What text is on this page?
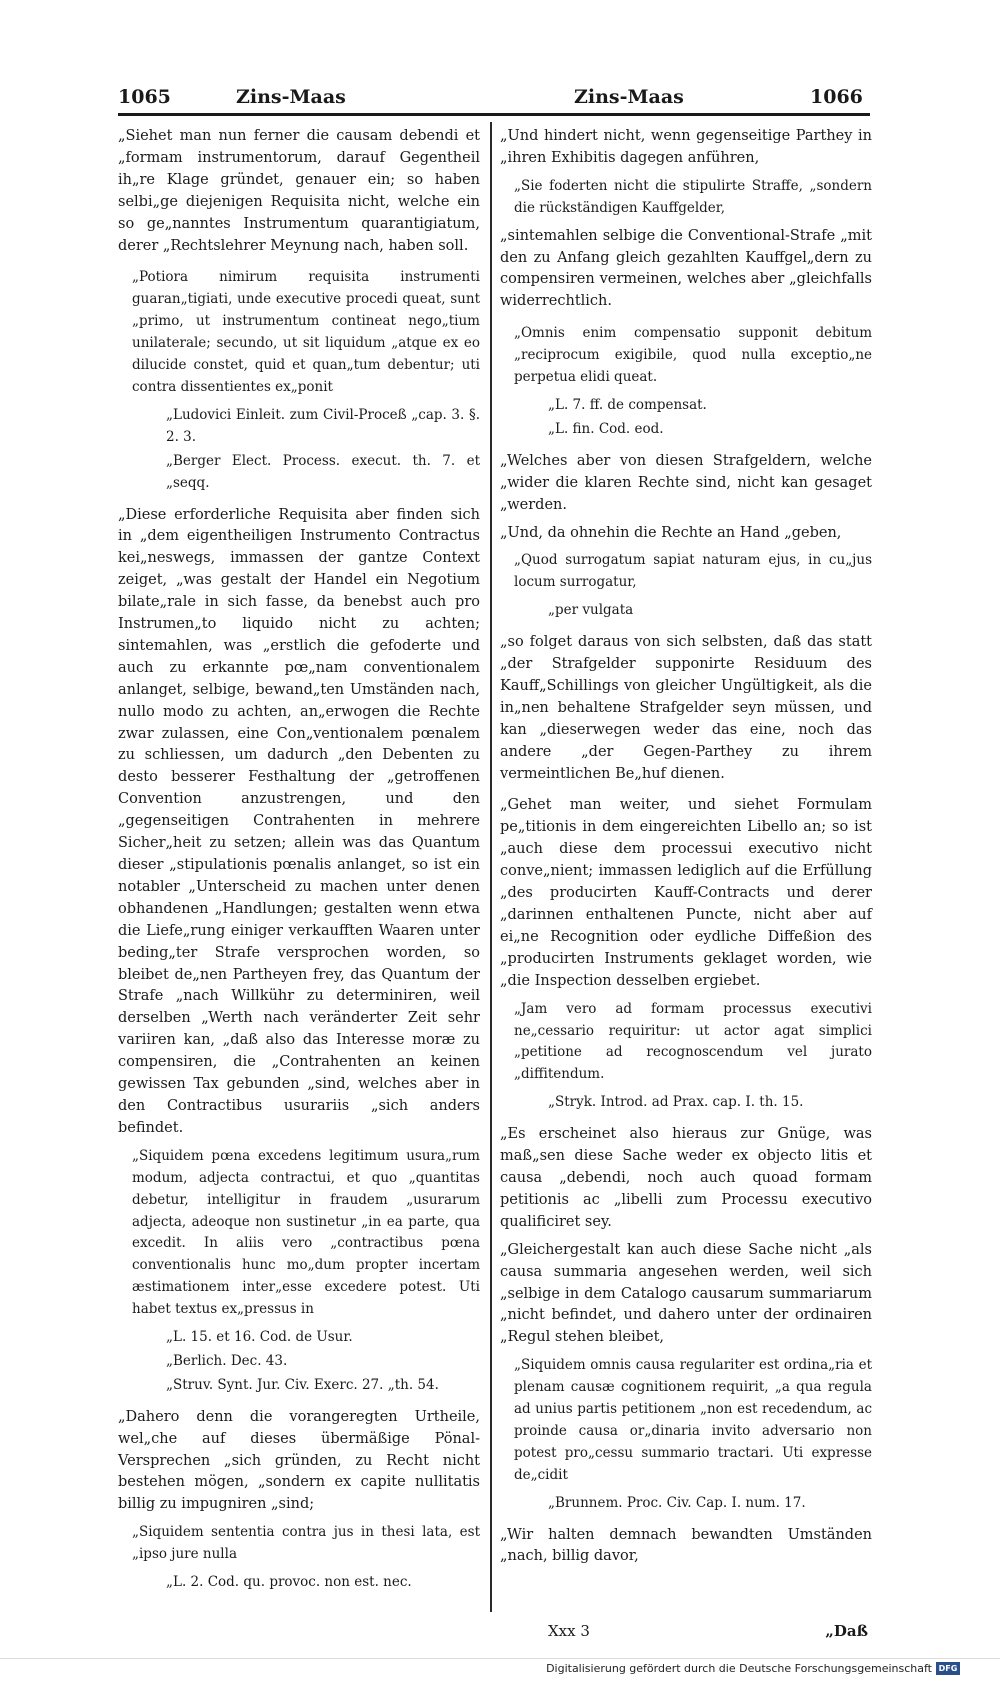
1065	Zins-Maas	Zins-Maas	1066

„Siehet man nun ferner die causam debendi et „formam instrumentorum, darauf Gegentheil ih„re Klage gründet, genauer ein; so haben selbi„ge diejenigen Requisita nicht, welche ein so ge„nanntes Instrumentum quarantigiatum, derer „Rechtslehrer Meynung nach, haben soll.

„Potiora nimirum requisita instrumenti guaran„tigiati, unde executive procedi queat, sunt „primo, ut instrumentum contineat nego„tium unilaterale; secundo, ut sit liquidum „atque ex eo dilucide constet, quid et quan„tum debentur; uti contra dissentientes ex„ponit

„Ludovici Einleit. zum Civil-Proceß „cap. 3. §. 2. 3.

„Berger Elect. Process. execut. th. 7. et „seqq.

„Diese erforderliche Requisita aber finden sich in „dem eigentheiligen Instrumento Contractus kei„neswegs, immassen der gantze Context zeiget, „was gestalt der Handel ein Negotium bilate„rale in sich fasse, da benebst auch pro Instrumen„to liquido nicht zu achten; sintemahlen, was „erstlich die gefoderte und auch zu erkannte pœ„nam conventionalem anlanget, selbige, bewand„ten Umständen nach, nullo modo zu achten, an„erwogen die Rechte zwar zulassen, eine Con„ventionalem pœnalem zu schliessen, um dadurch „den Debenten zu desto besserer Festhaltung der „getroffenen Convention anzustrengen, und den „gegenseitigen Contrahenten in mehrere Sicher„heit zu setzen; allein was das Quantum dieser „stipulationis pœnalis anlanget, so ist ein notabler „Unterscheid zu machen unter denen obhandenen „Handlungen; gestalten wenn etwa die Liefe„rung einiger verkaufften Waaren unter beding„ter Strafe versprochen worden, so bleibet de„nen Partheyen frey, das Quantum der Strafe „nach Willkühr zu determiniren, weil derselben „Werth nach veränderter Zeit sehr variiren kan, „daß also das Interesse moræ zu compensiren, die „Contrahenten an keinen gewissen Tax gebunden „sind, welches aber in den Contractibus usurariis „sich anders befindet.

„Siquidem pœna excedens legitimum usura„rum modum, adjecta contractui, et quo „quantitas debetur, intelligitur in fraudem „usurarum adjecta, adeoque non sustinetur „in ea parte, qua excedit. In aliis vero „contractibus pœna conventionalis hunc mo„dum propter incertam æstimationem inter„esse excedere potest. Uti habet textus ex„pressus in

„L. 15. et 16. Cod. de Usur.

„Berlich. Dec. 43.

„Struv. Synt. Jur. Civ. Exerc. 27. „th. 54.

„Dahero denn die vorangeregten Urtheile, wel„che auf dieses übermäßige Pönal-Versprechen „sich gründen, zu Recht nicht bestehen mögen, „sondern ex capite nullitatis billig zu impugniren „sind;

„Siquidem sententia contra jus in thesi lata, est „ipso jure nulla

„L. 2. Cod. qu. provoc. non est. nec.

„Und hindert nicht, wenn gegenseitige Parthey in „ihren Exhibitis dagegen anführen,

„Sie foderten nicht die stipulirte Straffe, „sondern die rückständigen Kauffgelder,

„sintemahlen selbige die Conventional-Strafe „mit den zu Anfang gleich gezahlten Kauffgel„dern zu compensiren vermeinen, welches aber „gleichfalls widerrechtlich.

„Omnis enim compensatio supponit debitum „reciprocum exigibile, quod nulla exceptio„ne perpetua elidi queat.

„L. 7. ff. de compensat.

„L. fin. Cod. eod.

„Welches aber von diesen Strafgeldern, welche „wider die klaren Rechte sind, nicht kan gesaget „werden.

„Und, da ohnehin die Rechte an Hand „geben,

„Quod surrogatum sapiat naturam ejus, in cu„jus locum surrogatur,

„per vulgata

„so folget daraus von sich selbsten, daß das statt „der Strafgelder supponirte Residuum des Kauff„Schillings von gleicher Ungültigkeit, als die in„nen behaltene Strafgelder seyn müssen, und kan „dieserwegen weder das eine, noch das andere „der Gegen-Parthey zu ihrem vermeintlichen Be„huf dienen.

„Gehet man weiter, und siehet Formulam pe„titionis in dem eingereichten Libello an; so ist „auch diese dem processui executivo nicht conve„nient; immassen lediglich auf die Erfüllung „des producirten Kauff-Contracts und derer „darinnen enthaltenen Puncte, nicht aber auf ei„ne Recognition oder eydliche Diffeßion des „producirten Instruments geklaget worden, wie „die Inspection desselben ergiebet.

„Jam vero ad formam processus executivi ne„cessario requiritur: ut actor agat simplici „petitione ad recognoscendum vel jurato „diffitendum.

„Stryk. Introd. ad Prax. cap. I. th. 15.

„Es erscheinet also hieraus zur Gnüge, was maß„sen diese Sache weder ex objecto litis et causa „debendi, noch auch quoad formam petitionis ac „libelli zum Processu executivo qualificiret sey.

„Gleichergestalt kan auch diese Sache nicht „als causa summaria angesehen werden, weil sich „selbige in dem Catalogo causarum summariarum „nicht befindet, und dahero unter der ordinairen „Regul stehen bleibet,

„Siquidem omnis causa regulariter est ordina„ria et plenam causæ cognitionem requirit, „a qua regula ad unius partis petitionem „non est recedendum, ac proinde causa or„dinaria invito adversario non potest pro„cessu summario tractari. Uti expresse de„cidit

„Brunnem. Proc. Civ. Cap. I. num. 17.

„Wir halten demnach bewandten Umständen „nach, billig davor,

Xxx 3	„Daß
Digitalisierung gefördert durch die Deutsche Forschungsgemeinschaft DFG
